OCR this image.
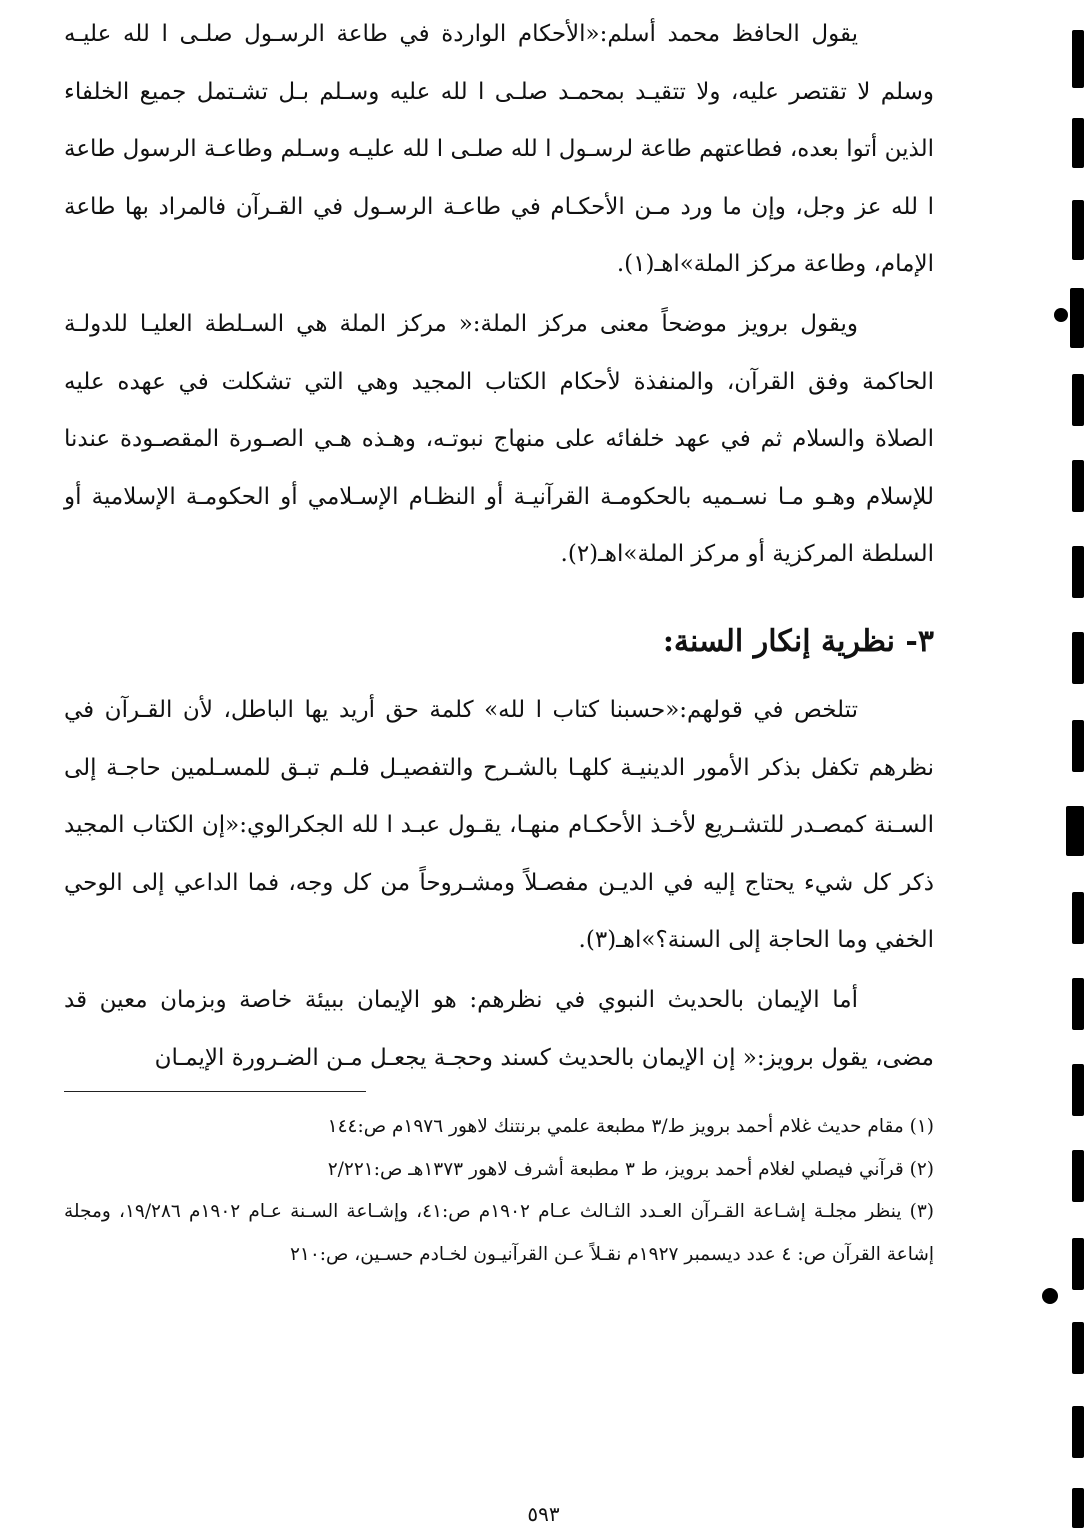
يقول الحافظ محمد أسلم:«الأحكام الواردة في طاعة الرسـول صلـى ا لله عليـه وسلم لا تقتصر عليه، ولا تتقيـد بمحمـد صلـى ا لله عليه وسـلم بـل تشـتمل جميع الخلفاء الذين أتوا بعده، فطاعتهم طاعة لرسـول ا لله صلـى ا لله عليـه وسـلم وطاعـة الرسول طاعة ا لله عز وجل، وإن ما ورد مـن الأحكـام في طاعـة الرسـول في القـرآن فالمراد بها طاعة الإمام، وطاعة مركز الملة»اهـ(١).

ويقول برويز موضحاً معنى مركز الملة:« مركز الملة هي السـلطة العليـا للدولـة الحاكمة وفق القرآن، والمنفذة لأحكام الكتاب المجيد وهي التي تشكلت في عهده عليه الصلاة والسلام ثم في عهد خلفائه على منهاج نبوتـه، وهـذه هـي الصـورة المقصـودة عندنا للإسلام وهـو مـا نسـميه بالحكومـة القرآنيـة أو النظـام الإسـلامي أو الحكومـة الإسلامية أو السلطة المركزية أو مركز الملة»اهـ(٢).

٣- نظرية إنكار السنة:

تتلخص في قولهم:«حسبنا كتاب ا لله» كلمة حق أريد يها الباطل، لأن القـرآن في نظرهم تكفل بذكر الأمور الدينيـة كلهـا بالشـرح والتفصيـل فلـم تبـق للمسـلمين حاجـة إلى السـنة كمصـدر للتشـريع لأخـذ الأحكـام منهـا، يقـول عبـد ا لله الجكرالوي:«إن الكتاب المجيد ذكر كل شيء يحتاج إليه في الديـن مفصـلاً ومشـروحاً من كل وجه، فما الداعي إلى الوحي الخفي وما الحاجة إلى السنة؟»اهـ(٣).

أما الإيمان بالحديث النبوي في نظرهم: هو الإيمان ببيئة خاصة وبزمان معين قد مضى، يقول برويز:« إن الإيمان بالحديث كسند وحجـة يجعـل مـن الضـرورة الإيمـان

(١) مقام حديث غلام أحمد برويز ط/٣ مطبعة علمي برنتنك لاهور ١٩٧٦م ص:١٤٤

(٢) قرآني فيصلي لغلام أحمد برويز، ط ٣ مطبعة أشرف لاهور ١٣٧٣هـ ص:٢/٢٢١

(٣) ينظر مجلـة إشـاعة القـرآن العـدد الثـالث عـام ١٩٠٢م ص:٤١، وإشـاعة السـنة عـام ١٩٠٢م ١٩/٢٨٦، ومجلة إشاعة القرآن ص: ٤ عدد ديسمبر ١٩٢٧م نقـلاً عـن القرآنيـون لخـادم حسـين، ص:٢١٠

٥٩٣
